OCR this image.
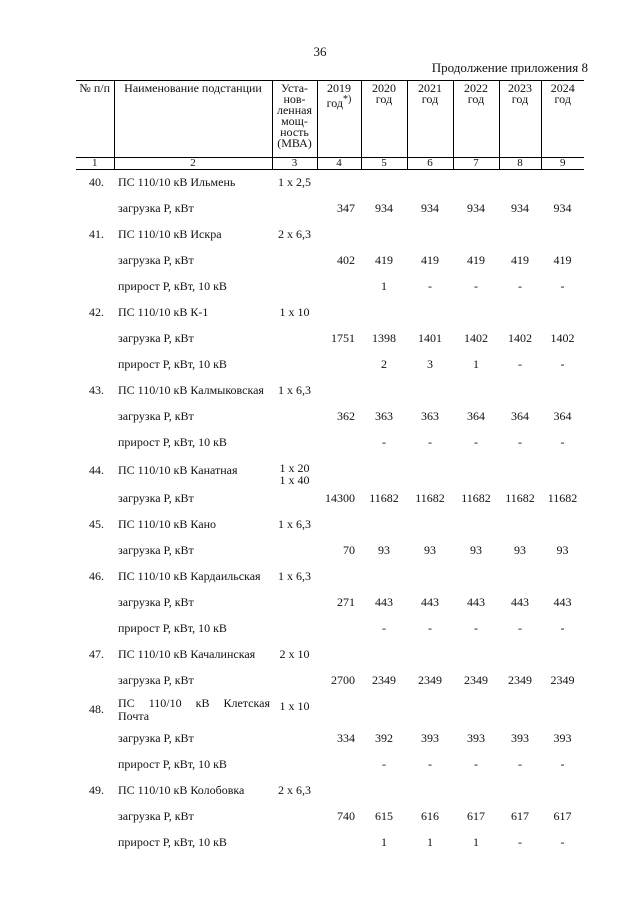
36
Продолжение приложения 8
№ п/п	Наименование подстанции	Уста-нов-ленная мощ-ность (МВА)	2019 год*)	2020 год	2021 год	2022 год	2023 год	2024 год
1	2	3	4	5	6	7	8	9
40.	ПС 110/10 кВ Ильмень	1 х 2,5						
	загрузка Р, кВт		347	934	934	934	934	934
41.	ПС 110/10 кВ Искра	2 х 6,3						
	загрузка Р, кВт		402	419	419	419	419	419
	прирост Р, кВт, 10 кВ			1	-	-	-	-
42.	ПС 110/10 кВ К-1	1 х 10						
	загрузка Р, кВт		1751	1398	1401	1402	1402	1402
	прирост Р, кВт, 10 кВ			2	3	1	-	-
43.	ПС 110/10 кВ Калмыковская	1 х 6,3						
	загрузка Р, кВт		362	363	363	364	364	364
	прирост Р, кВт, 10 кВ			-	-	-	-	-
44.	ПС 110/10 кВ Канатная	1 х 20
1 х 40						
	загрузка Р, кВт		14300	11682	11682	11682	11682	11682
45.	ПС 110/10 кВ Кано	1 х 6,3						
	загрузка Р, кВт		70	93	93	93	93	93
46.	ПС 110/10 кВ Кардаильская	1 х 6,3						
	загрузка Р, кВт		271	443	443	443	443	443
	прирост Р, кВт, 10 кВ			-	-	-	-	-
47.	ПС 110/10 кВ Качалинская	2 х 10						
	загрузка Р, кВт		2700	2349	2349	2349	2349	2349
48.	ПС 110/10 кВ Клетская Почта	1 х 10						
	загрузка Р, кВт		334	392	393	393	393	393
	прирост Р, кВт, 10 кВ			-	-	-	-	-
49.	ПС 110/10 кВ Колобовка	2 х 6,3						
	загрузка Р, кВт		740	615	616	617	617	617
	прирост Р, кВт, 10 кВ			1	1	1	-	-
